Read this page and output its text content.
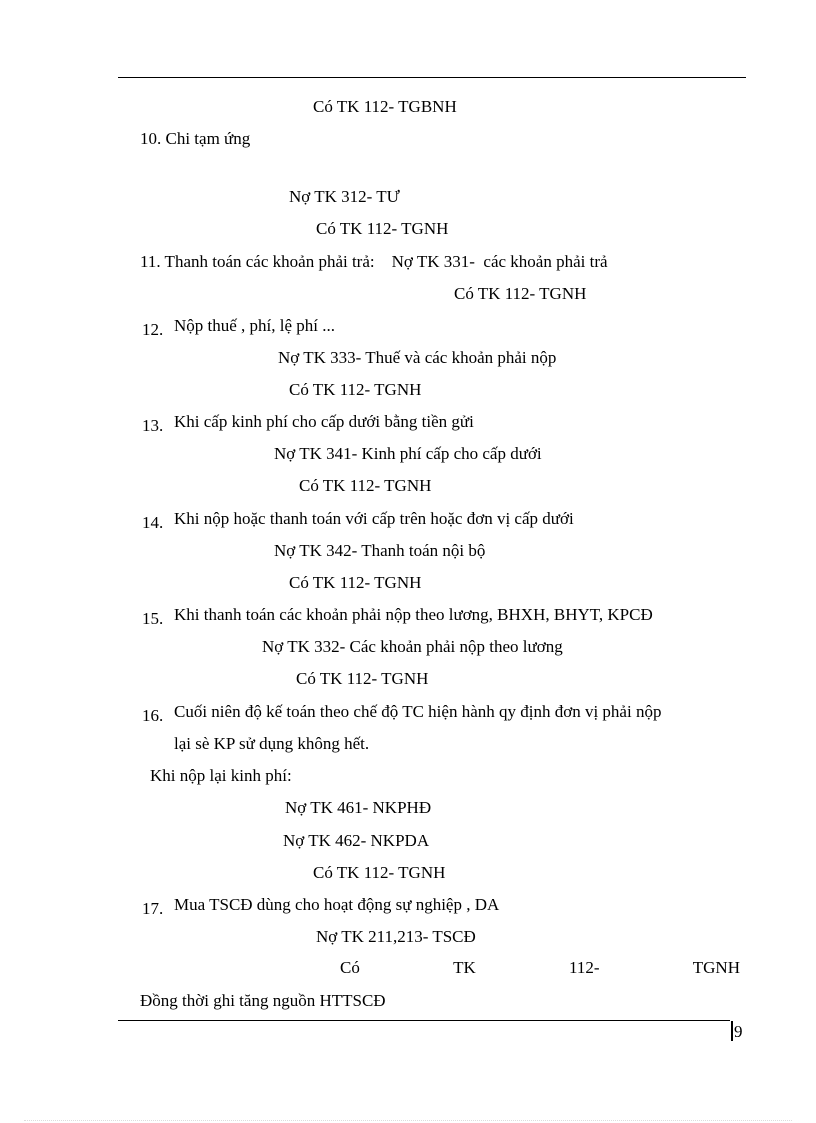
Có TK 112- TGBNH
10. Chi tạm ứng
Nợ TK 312- TƯ
Có TK 112- TGNH
11. Thanh toán các khoản phải trả:    Nợ TK 331-  các khoản phải trả
Có TK 112- TGNH
12. Nộp thuế , phí, lệ phí ...
Nợ TK 333- Thuế và các khoản phải nộp
Có TK 112- TGNH
13. Khi cấp kinh phí cho cấp dưới bằng tiền gửi
Nợ TK 341- Kinh phí cấp cho cấp dưới
Có TK 112- TGNH
14. Khi nộp hoặc thanh toán với cấp trên hoặc đơn vị cấp dưới
Nợ TK 342- Thanh toán nội bộ
Có TK 112- TGNH
15. Khi thanh toán các khoản phải nộp theo lương, BHXH, BHYT, KPCĐ
Nợ TK 332- Các khoản phải nộp theo lương
Có TK 112- TGNH
16. Cuối niên độ kế toán theo chế độ TC hiện hành qy định đơn vị phải nộp
lại sè KP sử dụng không hết.
Khi nộp lại kinh phí:
Nợ TK 461- NKPHĐ
Nợ TK 462- NKPDA
Có TK 112- TGNH
17. Mua TSCĐ dùng cho hoạt động sự nghiệp , DA
Nợ TK 211,213- TSCĐ
Có	TK	112-	TGNH
Đồng thời ghi tăng nguồn HTTSCĐ
9
